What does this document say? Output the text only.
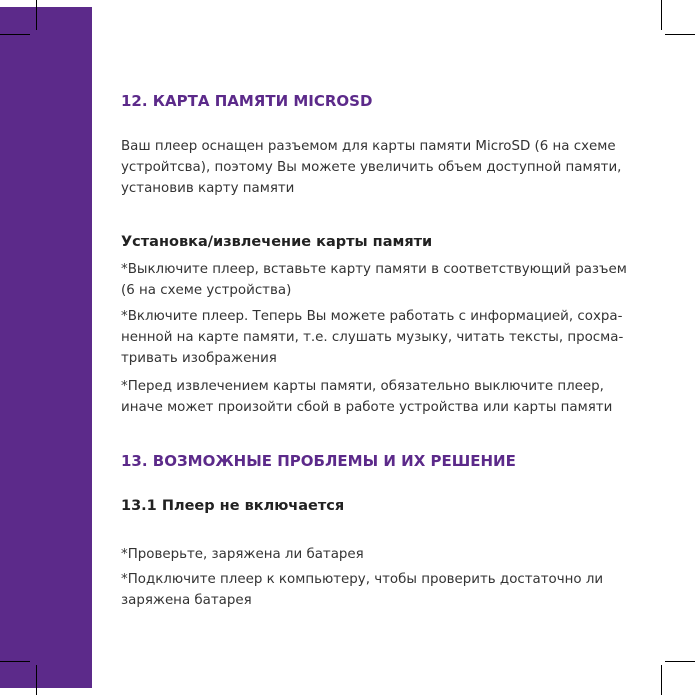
12. КАРТА ПАМЯТИ MICROSD

Ваш плеер оснащен разъемом для карты памяти MicroSD (6 на схеме
устройтсва), поэтому Вы можете увеличить объем доступной памяти,
установив карту памяти

Установка/извлечение карты памяти

*Выключите плеер, вставьте карту памяти в соответствующий разъем
(6 на схеме устройства)

*Включите плеер. Теперь Вы можете работать с информацией, сохра-
ненной на карте памяти, т.е. слушать музыку, читать тексты, просма-
тривать изображения

*Перед извлечением карты памяти, обязательно выключите плеер,
иначе может произойти сбой в работе устройства или карты памяти

13. ВОЗМОЖНЫЕ ПРОБЛЕМЫ И ИХ РЕШЕНИЕ
13.1 Плеер не включается

*Проверьте, заряжена ли батарея

*Подключите плеер к компьютеру, чтобы проверить достаточно ли
заряжена батарея
